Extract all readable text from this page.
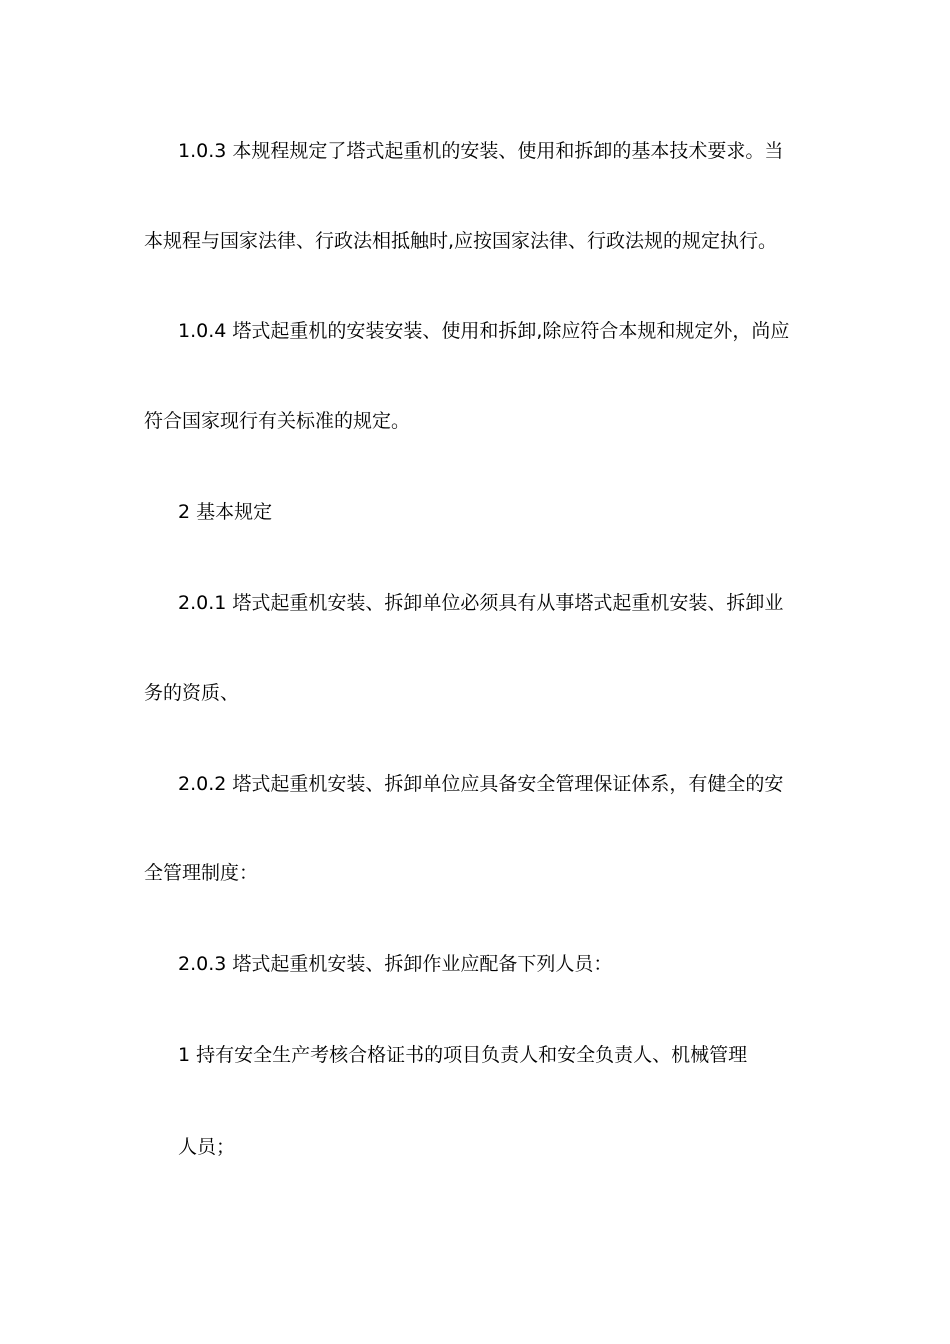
1.0.3 本规程规定了塔式起重机的安装、使用和拆卸的基本技术要求。当
本规程与国家法律、行政法相抵触时,应按国家法律、行政法规的规定执行。
1.0.4 塔式起重机的安装安装、使用和拆卸,除应符合本规和规定外，尚应
符合国家现行有关标准的规定。
2 基本规定
2.0.1 塔式起重机安装、拆卸单位必须具有从事塔式起重机安装、拆卸业
务的资质、
2.0.2 塔式起重机安装、拆卸单位应具备安全管理保证体系，有健全的安
全管理制度：
2.0.3 塔式起重机安装、拆卸作业应配备下列人员：
1 持有安全生产考核合格证书的项目负责人和安全负责人、机械管理
人员；
